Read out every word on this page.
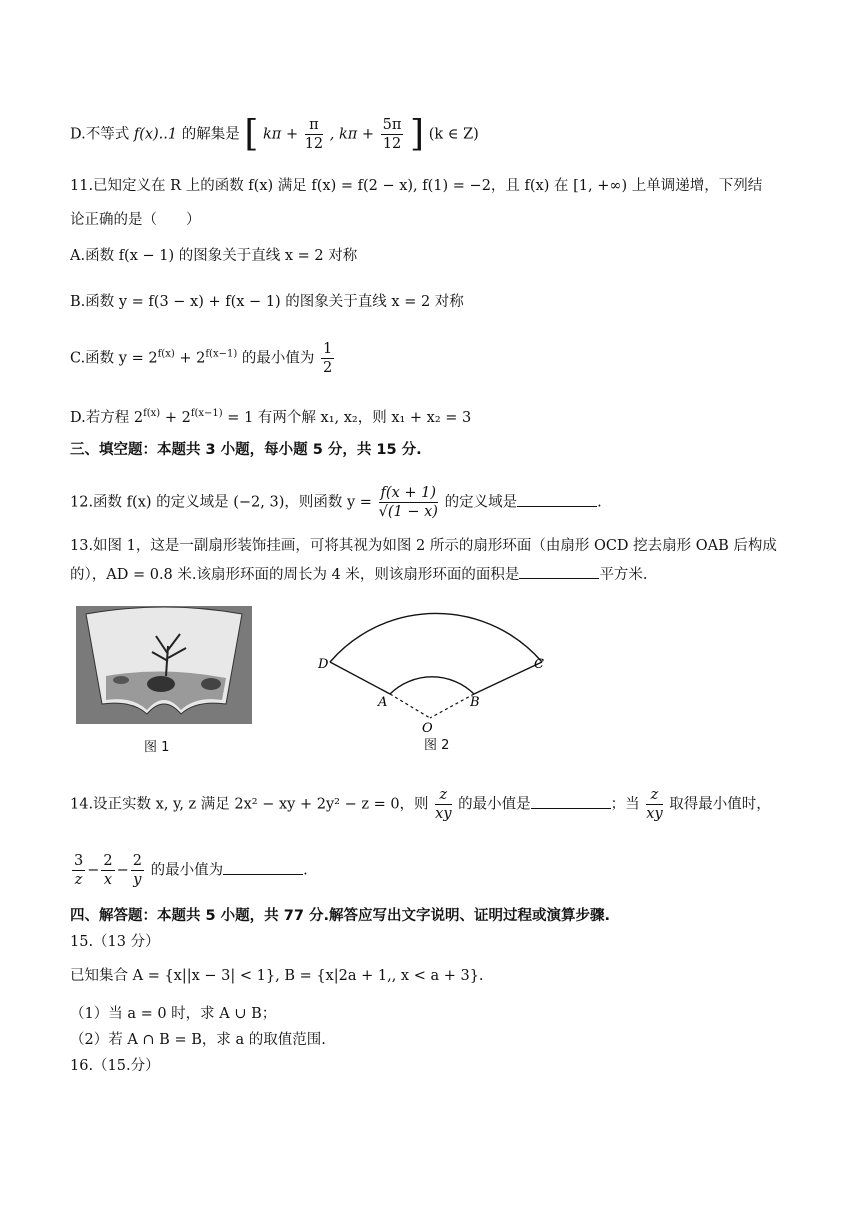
D.不等式 f(x)..1 的解集是 [ $k\pi + \frac{\pi}{12}$ , $k\pi + \frac{5\pi}{12}$ ] (k ∈ Z)
11.已知定义在 R 上的函数 f(x) 满足 f(x) = f(2 − x), f(1) = −2，且 f(x) 在 [1, +∞) 上单调递增，下列结
论正确的是（　　）
A.函数 f(x − 1) 的图象关于直线 x = 2 对称
B.函数 y = f(3 − x) + f(x − 1) 的图象关于直线 x = 2 对称
C.函数 $y = 2^{f(x)} + 2^{f(x-1)}$ 的最小值为 $\frac{1}{2}$
D.若方程 $2^{f(x)} + 2^{f(x-1)} = 1$ 有两个解 x₁, x₂，则 x₁ + x₂ = 3
三、填空题：本题共 3 小题，每小题 5 分，共 15 分.
12.函数 f(x) 的定义域是 (−2, 3)，则函数 $y = \frac{f(x + 1)}{√(1 - x)}$ 的定义域是	.
13.如图 1，这是一副扇形装饰挂画，可将其视为如图 2 所示的扇形环面（由扇形 OCD 挖去扇形 OAB 后构成
的），AD = 0.8 米.该扇形环面的周长为 4 米，则该扇形环面的面积是	平方米.
图 1
D	C
A	B
O
图 2
14.设正实数 x, y, z 满足 2x² − xy + 2y² − z = 0，则 $\frac{z}{xy}$ 的最小值是	；当 $\frac{z}{xy}$ 取得最小值时，
$\frac{3}{z} - \frac{2}{x} - \frac{2}{y}$ 的最小值为	.
四、解答题：本题共 5 小题，共 77 分.解答应写出文字说明、证明过程或演算步骤.
15.（13 分）
已知集合 A = {x||x − 3| < 1}, B = {x|2a + 1,, x < a + 3}.
（1）当 a = 0 时，求 A ∪ B；
（2）若 A ∩ B = B，求 a 的取值范围.
16.（15.分）
